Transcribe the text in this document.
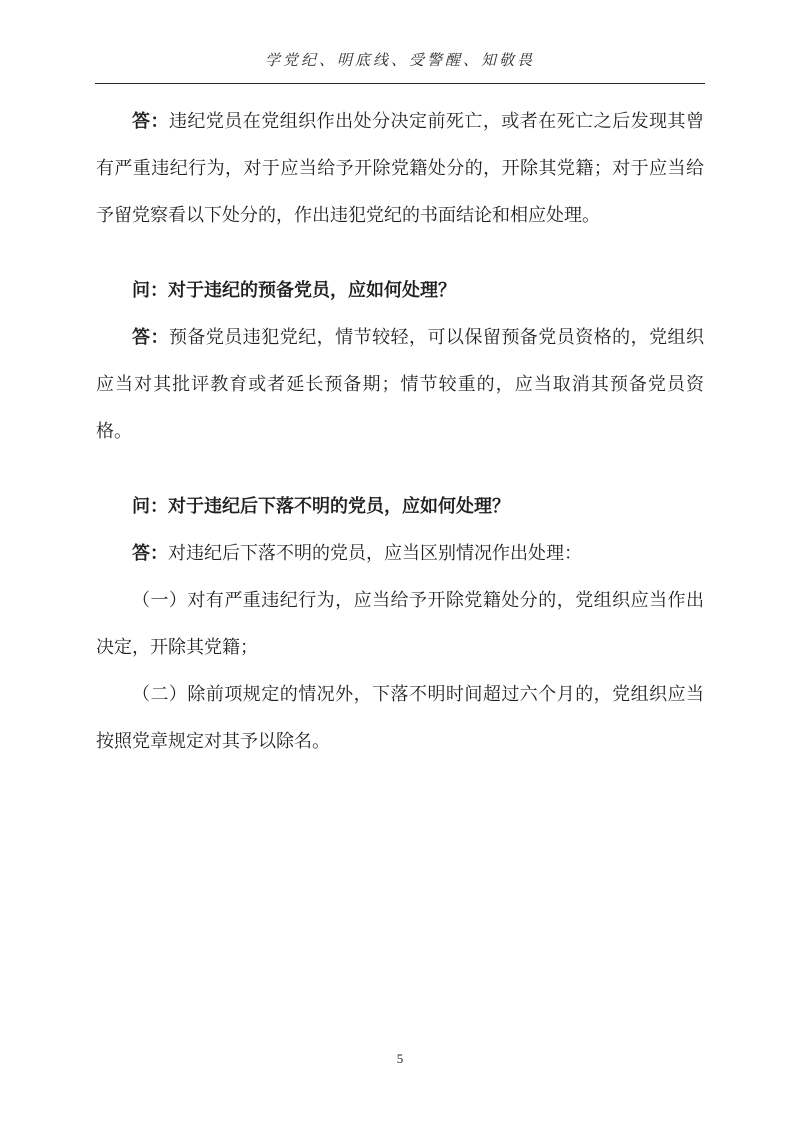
学党纪、明底线、受警醒、知敬畏

答：违纪党员在党组织作出处分决定前死亡，或者在死亡之后发现其曾有严重违纪行为，对于应当给予开除党籍处分的，开除其党籍；对于应当给予留党察看以下处分的，作出违犯党纪的书面结论和相应处理。

问：对于违纪的预备党员，应如何处理？

答：预备党员违犯党纪，情节较轻，可以保留预备党员资格的，党组织应当对其批评教育或者延长预备期；情节较重的，应当取消其预备党员资格。

问：对于违纪后下落不明的党员，应如何处理？

答：对违纪后下落不明的党员，应当区别情况作出处理：

（一）对有严重违纪行为，应当给予开除党籍处分的，党组织应当作出决定，开除其党籍；

（二）除前项规定的情况外，下落不明时间超过六个月的，党组织应当按照党章规定对其予以除名。

5
